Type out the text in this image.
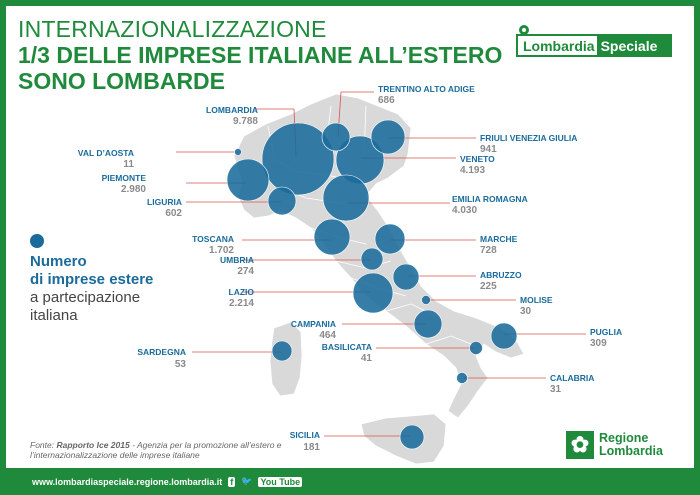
INTERNAZIONALIZZAZIONE
1/3 DELLE IMPRESE ITALIANE ALL’ESTERO
SONO LOMBARDE
Lombardia Speciale
LOMBARDIA
9.788
TRENTINO ALTO ADIGE
686
FRIULI VENEZIA GIULIA
941
VAL D’AOSTA
11	VENETO
4.193
PIEMONTE
2.980
EMILIA ROMAGNA
4.030
LIGURIA
602
TOSCANA
1.702
MARCHE
728
UMBRIA
274	ABRUZZO
225
LAZIO
2.214	MOLISE
30
CAMPANIA
464	PUGLIA
309
SARDEGNA
53
BASILICATA
41
CALABRIA
31
SICILIA
181
Numero
di imprese estere
a partecipazione
italiana
Fonte: Rapporto Ice 2015 - Agenzia per la promozione all’estero e l’internazionalizzazione delle imprese italiane	✿ Regione
Lombardia
www.lombardiaspeciale.regione.lombardia.it f 🐦 You Tube
